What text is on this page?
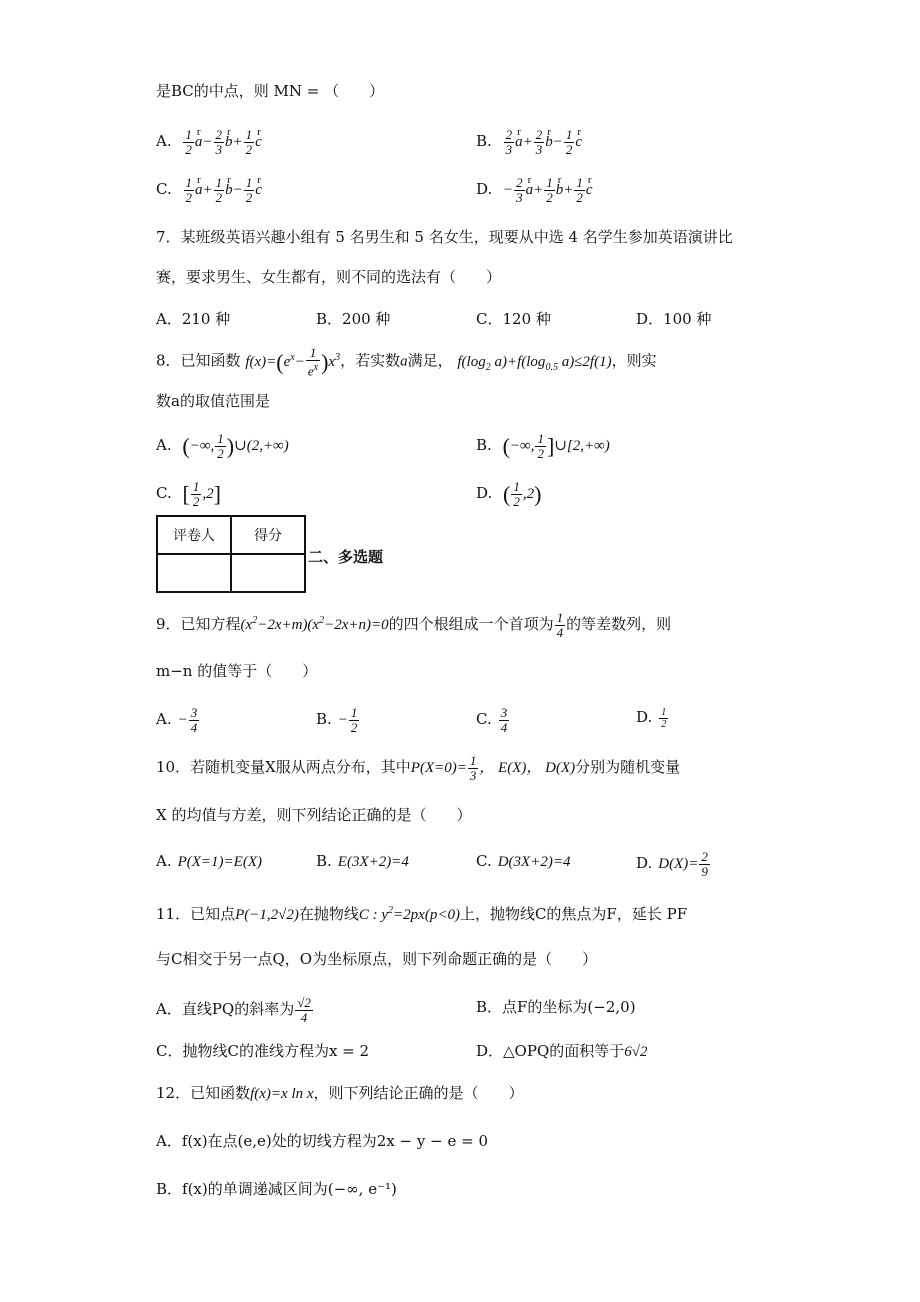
是BC的中点，则 MN = （　　）
A. $\frac{1}{2}$ r $a- \frac{2}{3}$ r $b+ \frac{1}{2}$ r c	B. $\frac{2}{3}$ r $a+ \frac{2}{3}$ r $b- \frac{1}{2}$ r c
C. $\frac{1}{2}$ r $a+ \frac{1}{2}$ r $b- \frac{1}{2}$ r c	D. − $\frac{2}{3}$ r $a+ \frac{1}{2}$ r $b+ \frac{1}{2}$ r c
7．某班级英语兴趣小组有 5 名男生和 5 名女生，现要从中选 4 名学生参加英语演讲比
赛，要求男生、女生都有，则不同的选法有（　　）
A．210 种	B．200 种	C．120 种	D．100 种
8．已知函数 $f(x)=(e^x- \frac{1}{e^x} )x^3$，若实数a满足， $f(\log_2$ $a)+f(\log_{0.5}$ a)≤2f(1)，则实
数a的取值范围是
A. (−∞, $\frac{1}{2}$ )∪(2,+∞)	B. (−∞, $\frac{1}{2}$ ]∪[2,+∞)
C. [ $\frac{1}{2} ,2$]	D. ( $\frac{1}{2} ,2$)
评卷人	得分

二、多选题
9．已知方程$(x^2-2x+m)(x^2-2x+n)=0$的四个根组成一个首项为 $\frac{1}{4}$ 的等差数列，则
m−n 的值等于（　　）
A. − $\frac{3}{4}$	B. − $\frac{1}{2}$	C. $\frac{3}{4}$	D. $\frac{1}{2}$
10．若随机变量X服从两点分布，其中$P(X=0)= \frac{1}{3}$ ， E(X)， D(X)分别为随机变量
X 的均值与方差，则下列结论正确的是（　　）
A. P(X=1)=E(X)	B. E(3X+2)=4	C. D(3X+2)=4	D. $D(X)= \frac{2}{9}$
11．已知点P(−1,2√2)在抛物线C : $y^2=2px(p<0)$上，抛物线C的焦点为F，延长 PF
与C相交于另一点Q，O为坐标原点，则下列命题正确的是（　　）
A．直线PQ的斜率为 $\frac{√2}{4}$	B．点F的坐标为(−2,0)
C．抛物线C的准线方程为x = 2	D．△OPQ的面积等于6√2
12．已知函数f(x)=x ln x，则下列结论正确的是（　　）
A．f(x)在点(e,e)处的切线方程为2x − y − e = 0
B．f(x)的单调递减区间为(−∞, e⁻¹)
